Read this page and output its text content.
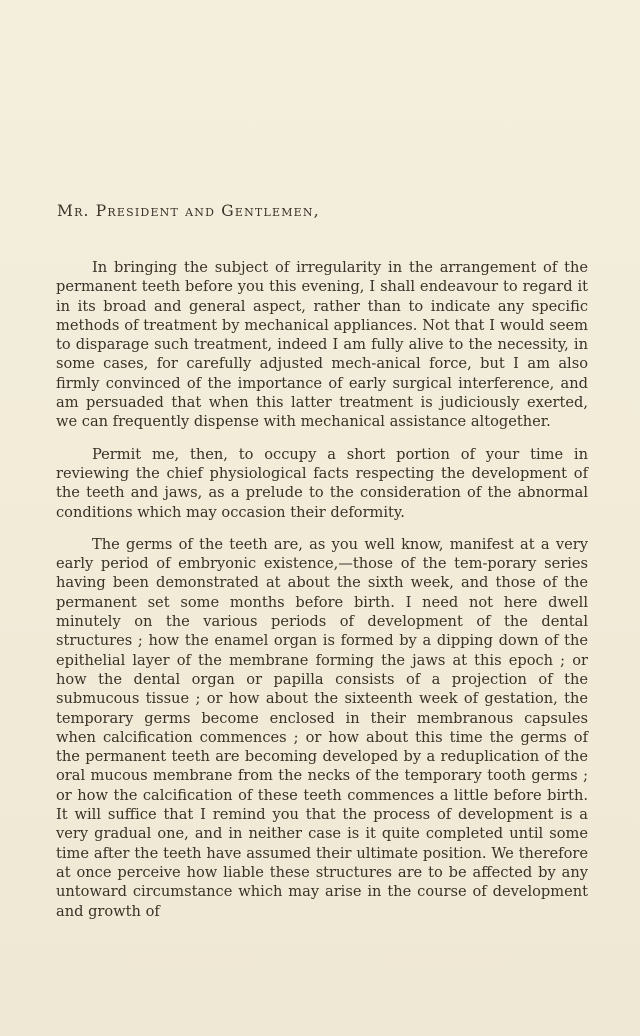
Mr. President and Gentlemen,

In bringing the subject of irregularity in the arrangement of the permanent teeth before you this evening, I shall endeavour to regard it in its broad and general aspect, rather than to indicate any specific methods of treatment by mechanical appliances. Not that I would seem to disparage such treatment, indeed I am fully alive to the necessity, in some cases, for carefully adjusted mech-anical force, but I am also firmly convinced of the importance of early surgical interference, and am persuaded that when this latter treatment is judiciously exerted, we can frequently dispense with mechanical assistance altogether.

Permit me, then, to occupy a short portion of your time in reviewing the chief physiological facts respecting the development of the teeth and jaws, as a prelude to the consideration of the abnormal conditions which may occasion their deformity.

The germs of the teeth are, as you well know, manifest at a very early period of embryonic existence,—those of the tem-porary series having been demonstrated at about the sixth week, and those of the permanent set some months before birth. I need not here dwell minutely on the various periods of development of the dental structures ; how the enamel organ is formed by a dipping down of the epithelial layer of the membrane forming the jaws at this epoch ; or how the dental organ or papilla consists of a projection of the submucous tissue ; or how about the sixteenth week of gestation, the temporary germs become enclosed in their membranous capsules when calcification commences ; or how about this time the germs of the permanent teeth are becoming developed by a reduplication of the oral mucous membrane from the necks of the temporary tooth germs ; or how the calcification of these teeth commences a little before birth. It will suffice that I remind you that the process of development is a very gradual one, and in neither case is it quite completed until some time after the teeth have assumed their ultimate position. We therefore at once perceive how liable these structures are to be affected by any untoward circumstance which may arise in the course of development and growth of
